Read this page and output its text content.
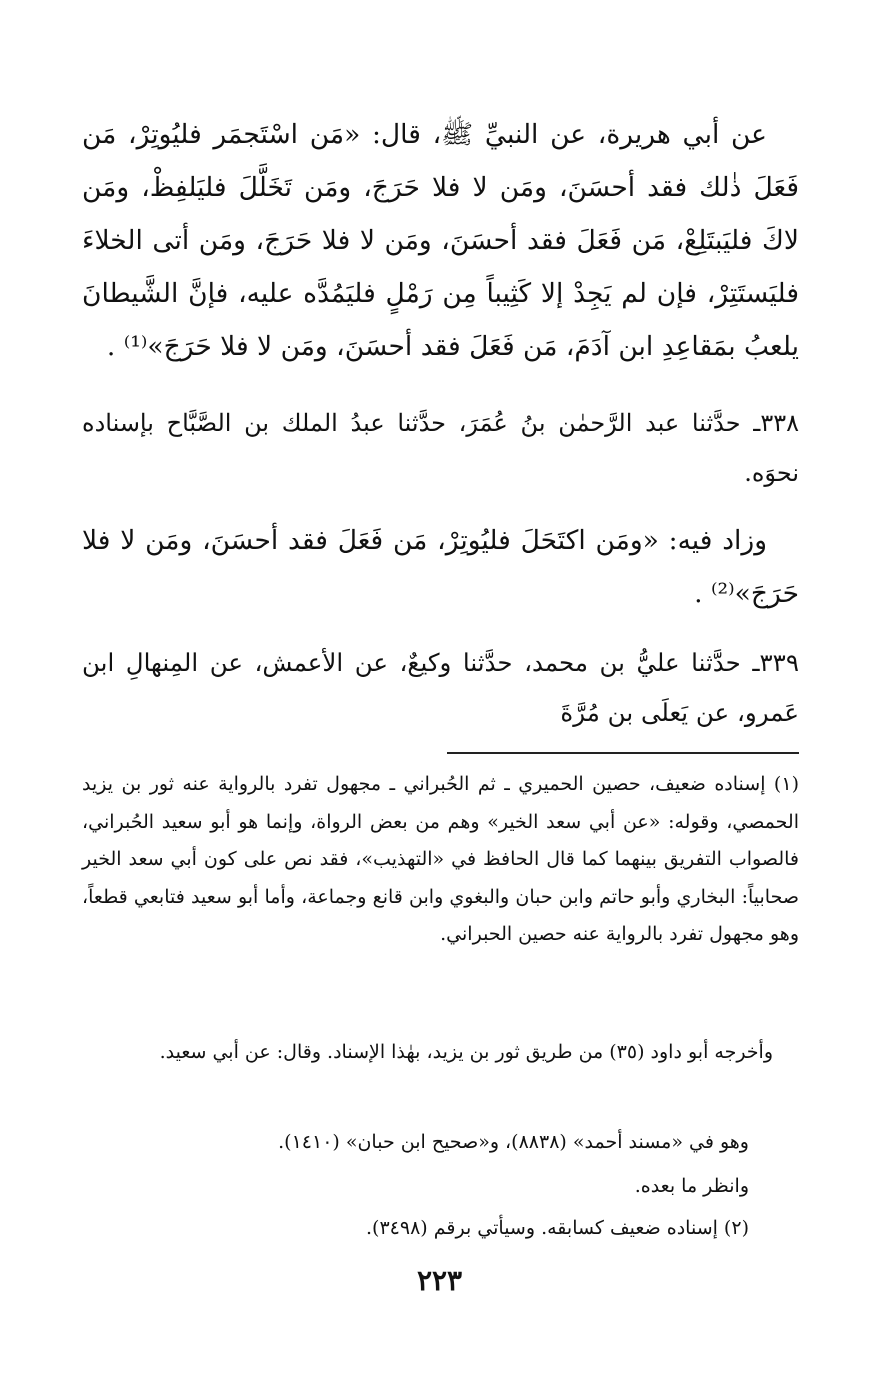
عن أبي هريرة، عن النبيِّ ﷺ، قال: «مَن اسْتَجمَر فليُوتِرْ، مَن فَعَلَ ذٰلك فقد أحسَنَ، ومَن لا فلا حَرَجَ، ومَن تَخَلَّلَ فليَلفِظْ، ومَن لاكَ فليَبتَلِعْ، مَن فَعَلَ فقد أحسَنَ، ومَن لا فلا حَرَجَ، ومَن أتى الخلاءَ فليَستَتِرْ، فإن لم يَجِدْ إلا كَثِيباً مِن رَمْلٍ فليَمُدَّه عليه، فإنَّ الشَّيطانَ يلعبُ بمَقاعِدِ ابن آدَمَ، مَن فَعَلَ فقد أحسَنَ، ومَن لا فلا حَرَجَ»⁽¹⁾ .

٣٣٨ـ حدَّثنا عبد الرَّحمٰن بنُ عُمَرَ، حدَّثنا عبدُ الملك بن الصَّبَّاح بإسناده نحوَه.

وزاد فيه: «ومَن اكتَحَلَ فليُوتِرْ، مَن فَعَلَ فقد أحسَنَ، ومَن لا فلا حَرَجَ»⁽²⁾ .

٣٣٩ـ حدَّثنا عليُّ بن محمد، حدَّثنا وكيعٌ، عن الأعمش، عن المِنهالِ ابن عَمرو، عن يَعلَى بن مُرَّةَ

(١) إسناده ضعيف، حصين الحميري ـ ثم الحُبراني ـ مجهول تفرد بالرواية عنه ثور بن يزيد الحمصي، وقوله: «عن أبي سعد الخير» وهم من بعض الرواة، وإنما هو أبو سعيد الحُبراني، فالصواب التفريق بينهما كما قال الحافظ في «التهذيب»، فقد نص على كون أبي سعد الخير صحابياً: البخاري وأبو حاتم وابن حبان والبغوي وابن قانع وجماعة، وأما أبو سعيد فتابعي قطعاً، وهو مجهول تفرد بالرواية عنه حصين الحبراني.

وأخرجه أبو داود (٣٥) من طريق ثور بن يزيد، بهٰذا الإسناد. وقال: عن أبي سعيد.

وهو في «مسند أحمد» (٨٨٣٨)، و«صحيح ابن حبان» (١٤١٠).

وانظر ما بعده.

(٢) إسناده ضعيف كسابقه. وسيأتي برقم (٣٤٩٨).

٢٢٣
